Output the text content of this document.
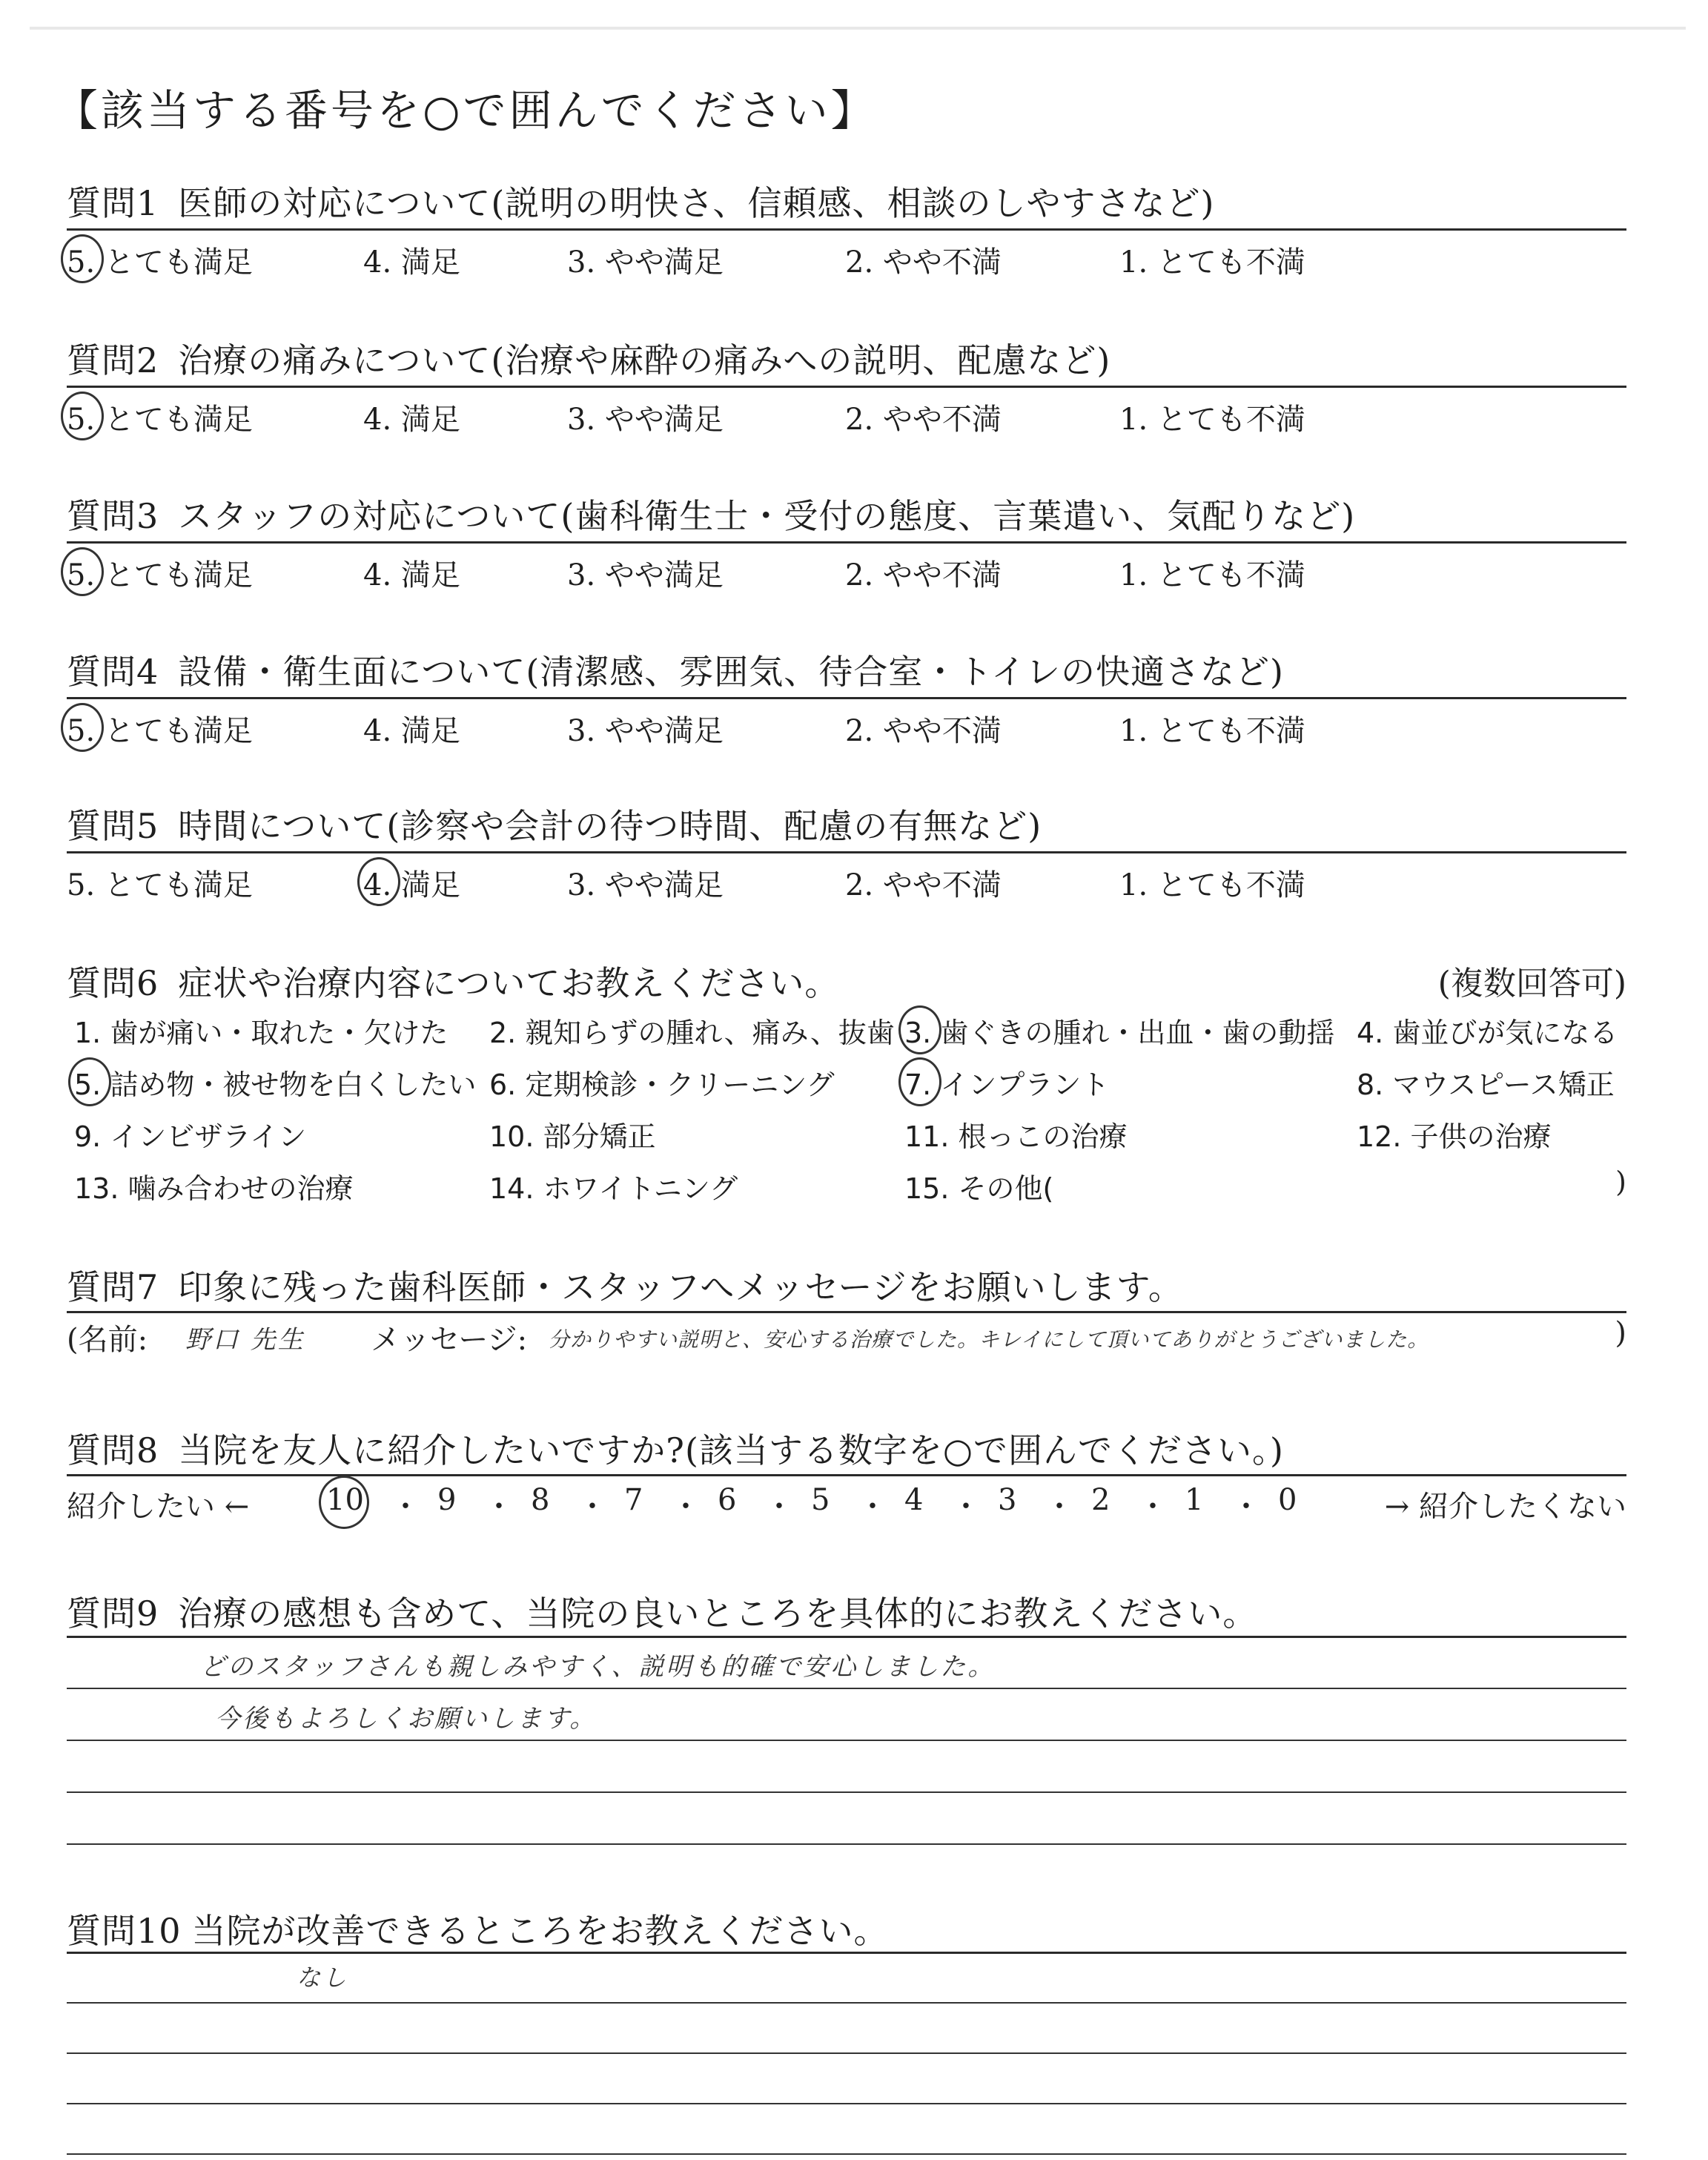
【該当する番号を○で囲んでください】
質問1 医師の対応について(説明の明快さ、信頼感、相談のしやすさなど)
5. とても満足	4. 満足	3. やや満足	2. やや不満	1. とても不満
質問2 治療の痛みについて(治療や麻酔の痛みへの説明、配慮など)
5. とても満足	4. 満足	3. やや満足	2. やや不満	1. とても不満
質問3 スタッフの対応について(歯科衛生士・受付の態度、言葉遣い、気配りなど)
5. とても満足	4. 満足	3. やや満足	2. やや不満	1. とても不満
質問4 設備・衛生面について(清潔感、雰囲気、待合室・トイレの快適さなど)
5. とても満足	4. 満足	3. やや満足	2. やや不満	1. とても不満
質問5 時間について(診察や会計の待つ時間、配慮の有無など)
5. とても満足	4. 満足	3. やや満足	2. やや不満	1. とても不満
質問6 症状や治療内容についてお教えください。	(複数回答可)
1. 歯が痛い・取れた・欠けた 2. 親知らずの腫れ、痛み、抜歯 3. 歯ぐきの腫れ・出血・歯の動揺 4. 歯並びが気になる
5. 詰め物・被せ物を白くしたい 6. 定期検診・クリーニング 7. インプラント	8. マウスピース矯正
9. インビザライン	10. 部分矯正	11. 根っこの治療	12. 子供の治療
13. 噛み合わせの治療	14. ホワイトニング	15. その他(	)
質問7 印象に残った歯科医師・スタッフへメッセージをお願いします。
(名前: 野口 先生 メッセージ: 分かりやすい説明と、安心する治療でした。キレイにして頂いてありがとうございました。	)
質問8 当院を友人に紹介したいですか?(該当する数字を○で囲んでください。)
紹介したい ←	10 ・ 9 ・ 8 ・ 7 ・ 6 ・ 5 ・ 4 ・ 3 ・ 2 ・ 1 ・ 0	→ 紹介したくない
質問9 治療の感想も含めて、当院の良いところを具体的にお教えください。
どのスタッフさんも親しみやすく、説明も的確で安心しました。
今後もよろしくお願いします。
質問10 当院が改善できるところをお教えください。
なし
